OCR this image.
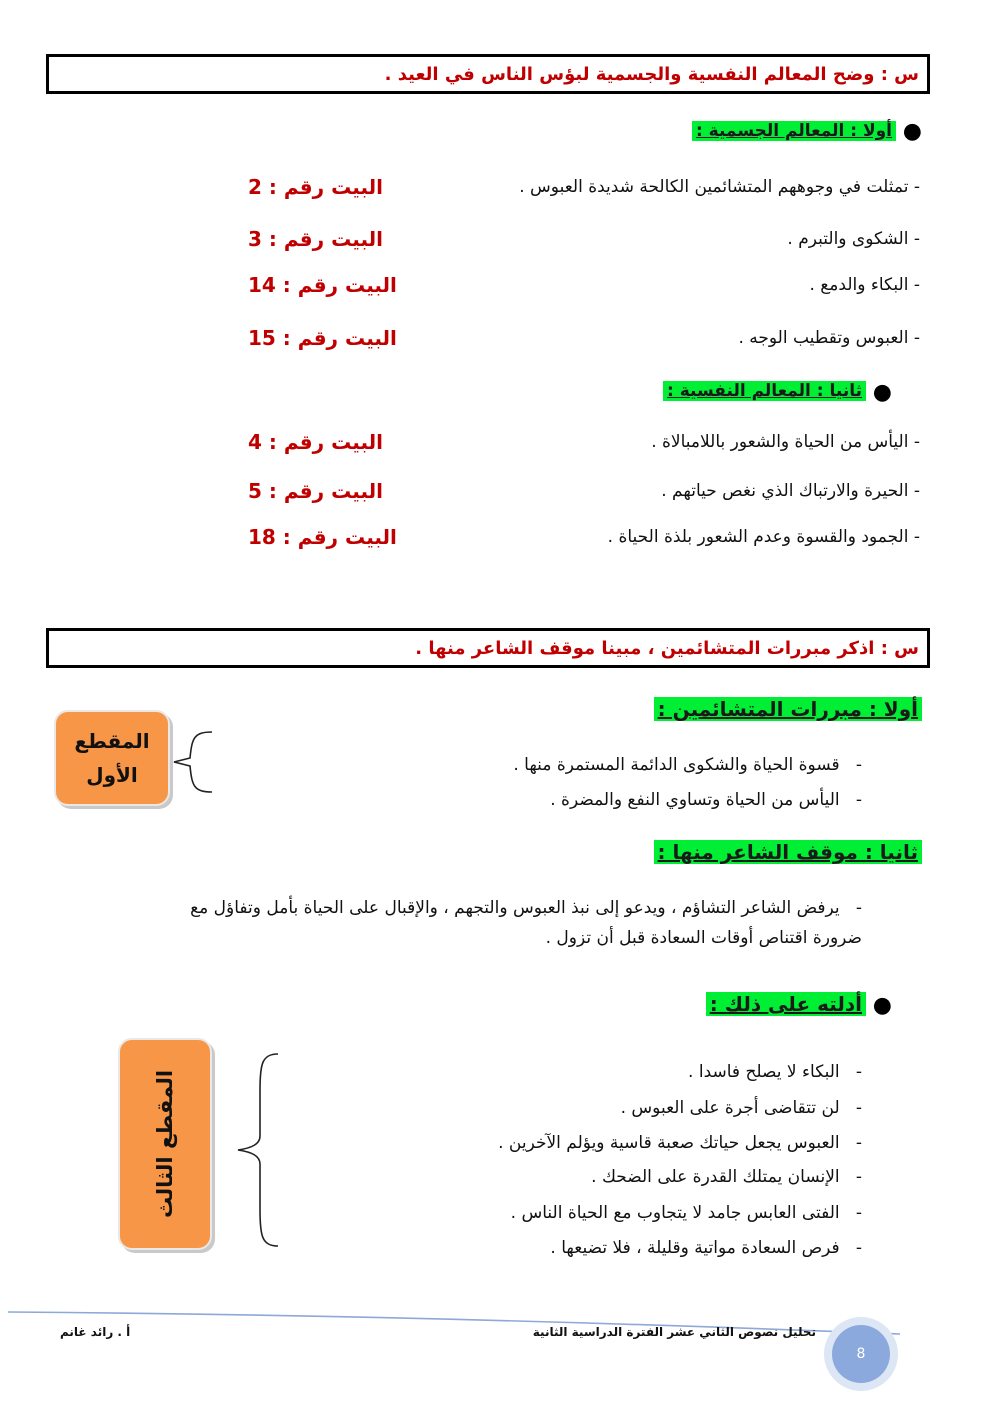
س : وضح المعالم النفسية والجسمية لبؤس الناس في العيد .
●
أولا : المعالم الجسمية :
- تمثلت في وجوههم المتشائمين الكالحة شديدة العبوس .
البيت رقم : 2
- الشكوى والتبرم .
البيت رقم : 3
- البكاء والدمع .
البيت رقم : 14
- العبوس وتقطيب الوجه .
البيت رقم : 15
●
ثانيا : المعالم النفسية :
- اليأس من الحياة والشعور باللامبالاة .
البيت رقم : 4
- الحيرة والارتباك الذي نغص حياتهم .
البيت رقم : 5
- الجمود والقسوة وعدم الشعور بلذة الحياة .
البيت رقم : 18
س : اذكر مبررات المتشائمين ، مبينا موقف الشاعر منها .
أولا : مبررات المتشائمين :
-   قسوة الحياة والشكوى الدائمة المستمرة منها .
-   اليأس من الحياة وتساوي النفع والمضرة .
المقطع
الأول
ثانيا : موقف الشاعر منها :
-   يرفض الشاعر التشاؤم ، ويدعو إلى نبذ العبوس والتجهم ، والإقبال على الحياة بأمل وتفاؤل مع
ضرورة اقتناص أوقات السعادة قبل أن تزول .
●
أدلته على ذلك :
-   البكاء لا يصلح فاسدا .
-   لن تتقاضى أجرة على العبوس .
-   العبوس يجعل حياتك صعبة قاسية ويؤلم الآخرين .
-   الإنسان يمتلك القدرة على الضحك .
-   الفتى العابس جامد لا يتجاوب مع الحياة الناس .
-   فرص السعادة مواتية وقليلة ، فلا تضيعها .
المقطع الثالث
أ . رائد غانم	تحليل نصوص الثاني عشر الفترة الدراسية الثانية
8
